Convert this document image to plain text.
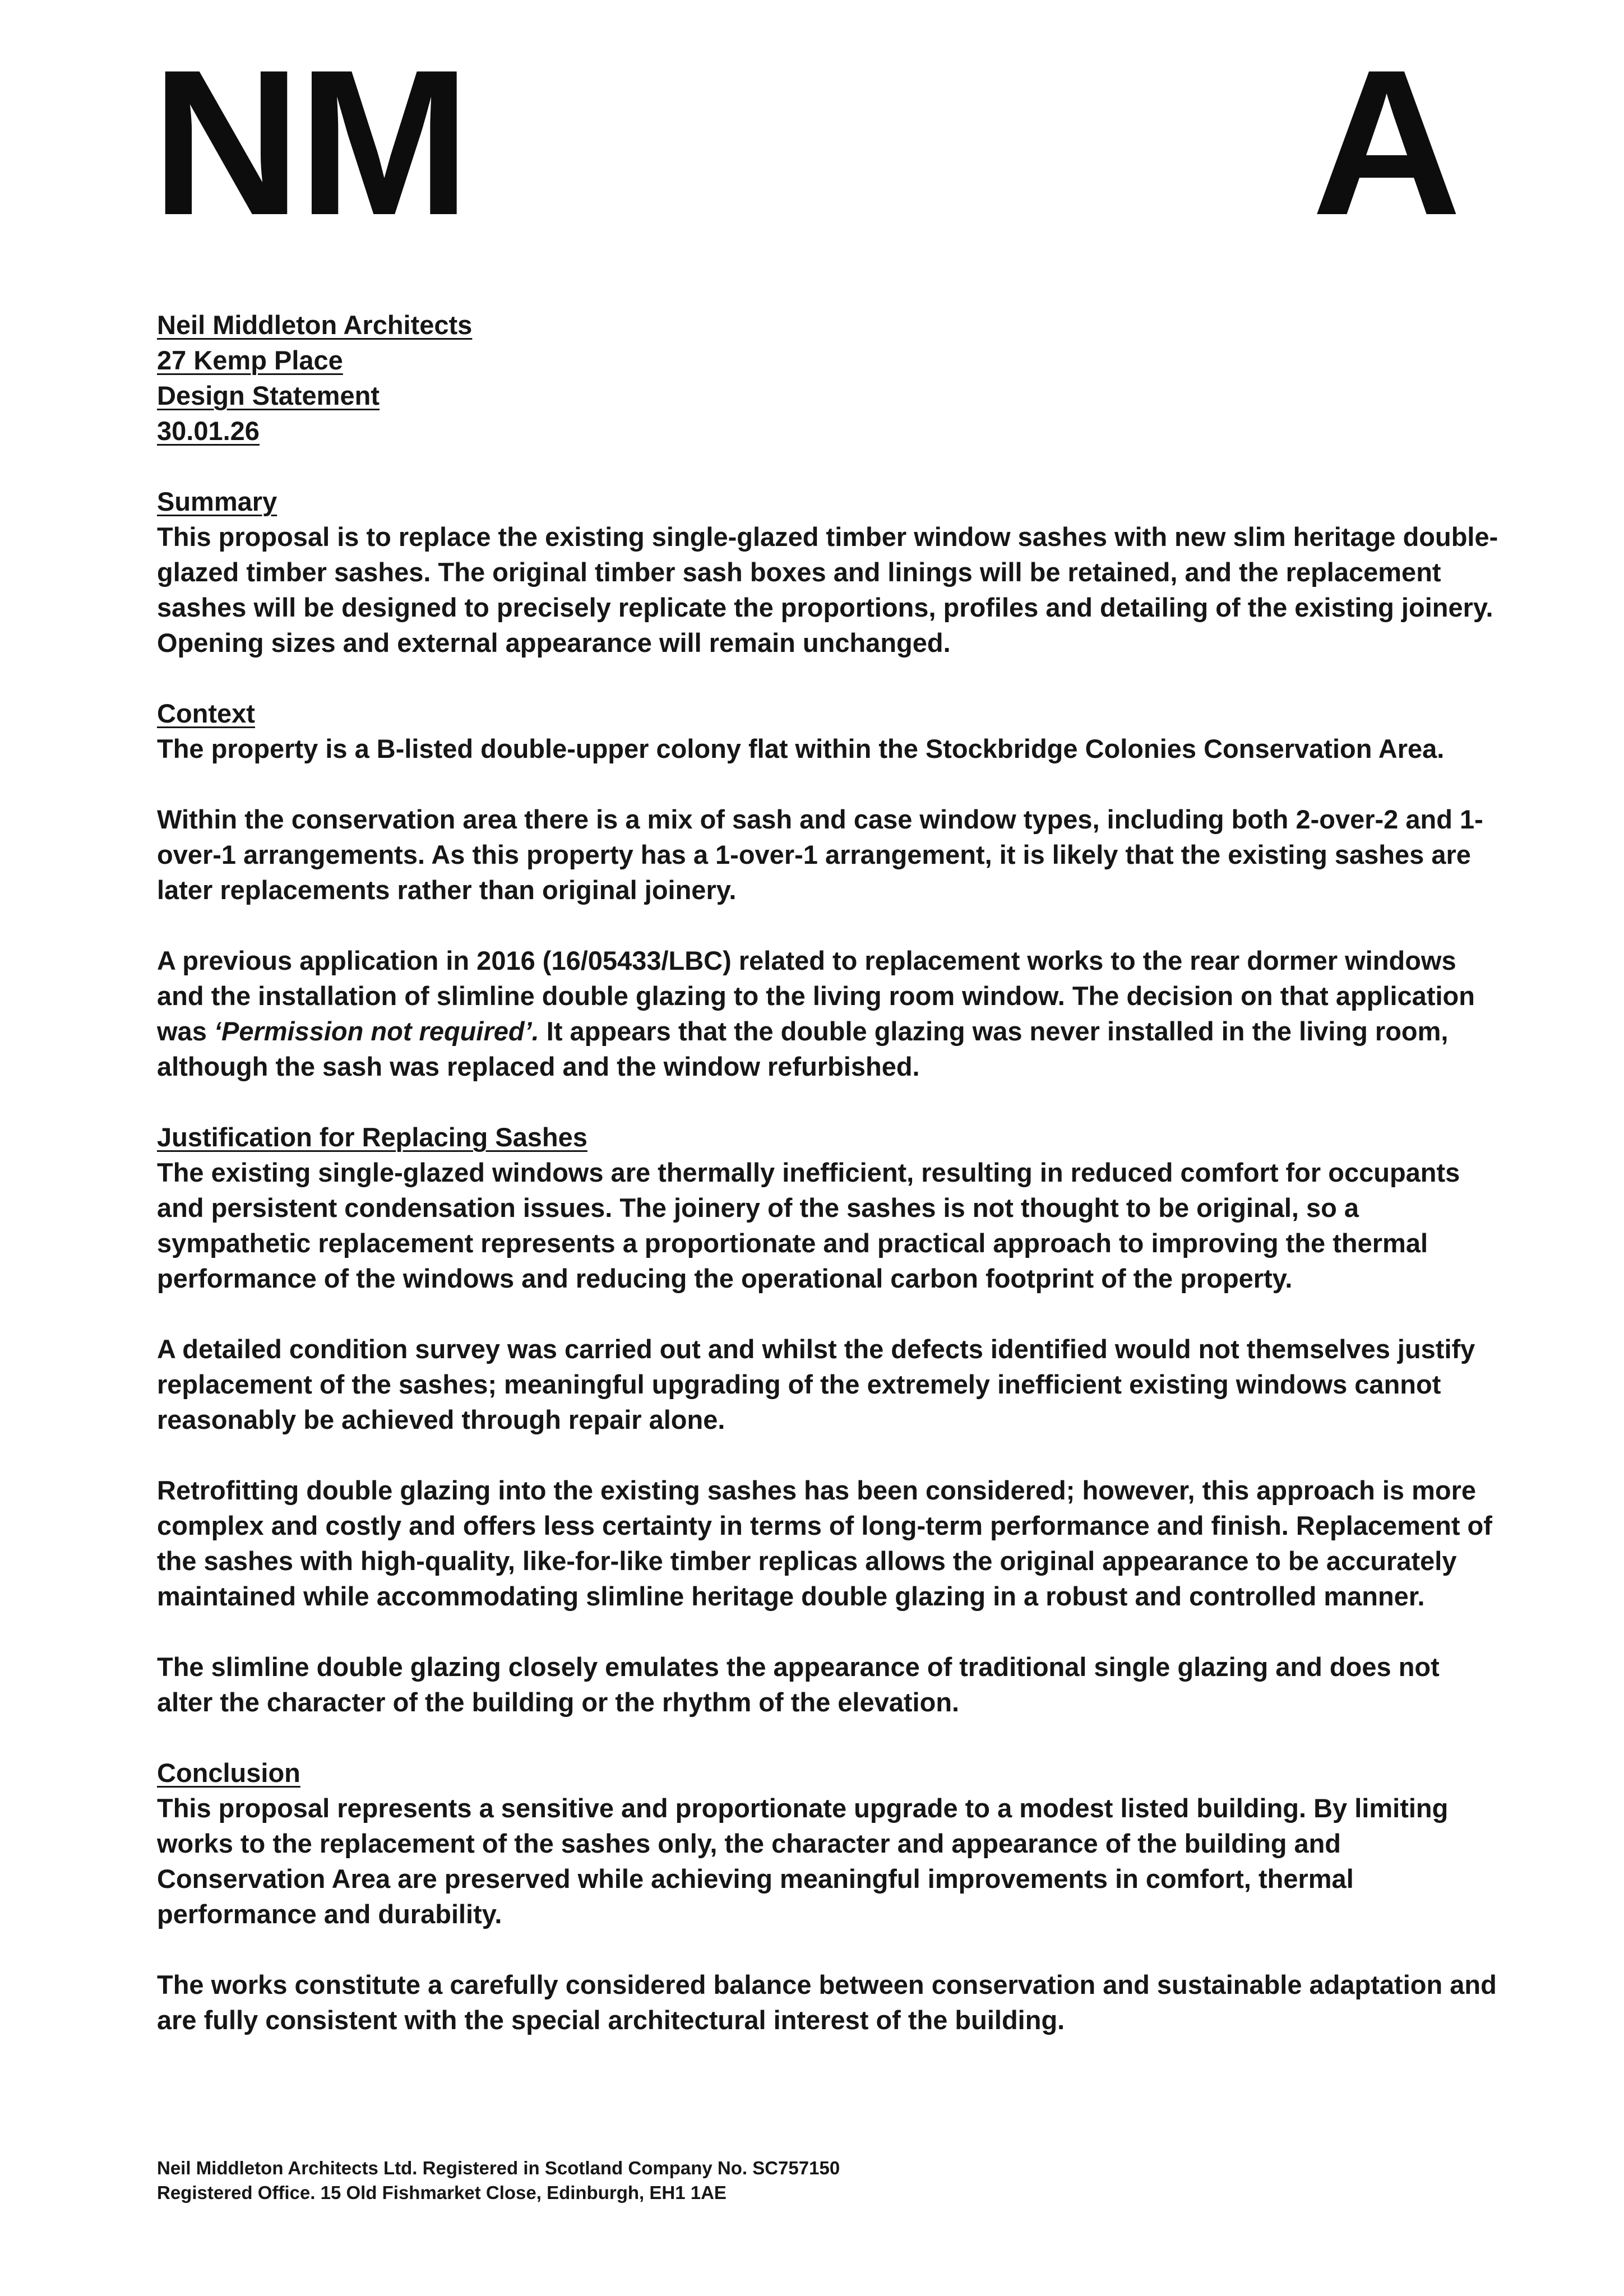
NM	A

Neil Middleton Architects

27 Kemp Place

Design Statement

30.01.26

Summary

This proposal is to replace the existing single-glazed timber window sashes with new slim heritage double-glazed timber sashes. The original timber sash boxes and linings will be retained, and the replacement sashes will be designed to precisely replicate the proportions, profiles and detailing of the existing joinery. Opening sizes and external appearance will remain unchanged.

Context

The property is a B-listed double-upper colony flat within the Stockbridge Colonies Conservation Area.

Within the conservation area there is a mix of sash and case window types, including both 2-over-2 and 1-over-1 arrangements. As this property has a 1-over-1 arrangement, it is likely that the existing sashes are later replacements rather than original joinery.

A previous application in 2016 (16/05433/LBC) related to replacement works to the rear dormer windows and the installation of slimline double glazing to the living room window. The decision on that application was ‘Permission not required’. It appears that the double glazing was never installed in the living room, although the sash was replaced and the window refurbished.

Justification for Replacing Sashes

The existing single-glazed windows are thermally inefficient, resulting in reduced comfort for occupants and persistent condensation issues. The joinery of the sashes is not thought to be original, so a sympathetic replacement represents a proportionate and practical approach to improving the thermal performance of the windows and reducing the operational carbon footprint of the property.

A detailed condition survey was carried out and whilst the defects identified would not themselves justify replacement of the sashes; meaningful upgrading of the extremely inefficient existing windows cannot reasonably be achieved through repair alone.

Retrofitting double glazing into the existing sashes has been considered; however, this approach is more complex and costly and offers less certainty in terms of long-term performance and finish. Replacement of the sashes with high-quality, like-for-like timber replicas allows the original appearance to be accurately maintained while accommodating slimline heritage double glazing in a robust and controlled manner.

The slimline double glazing closely emulates the appearance of traditional single glazing and does not alter the character of the building or the rhythm of the elevation.

Conclusion

This proposal represents a sensitive and proportionate upgrade to a modest listed building. By limiting works to the replacement of the sashes only, the character and appearance of the building and Conservation Area are preserved while achieving meaningful improvements in comfort, thermal performance and durability.

The works constitute a carefully considered balance between conservation and sustainable adaptation and are fully consistent with the special architectural interest of the building.

Neil Middleton Architects Ltd. Registered in Scotland Company No. SC757150

Registered Office. 15 Old Fishmarket Close, Edinburgh, EH1 1AE
